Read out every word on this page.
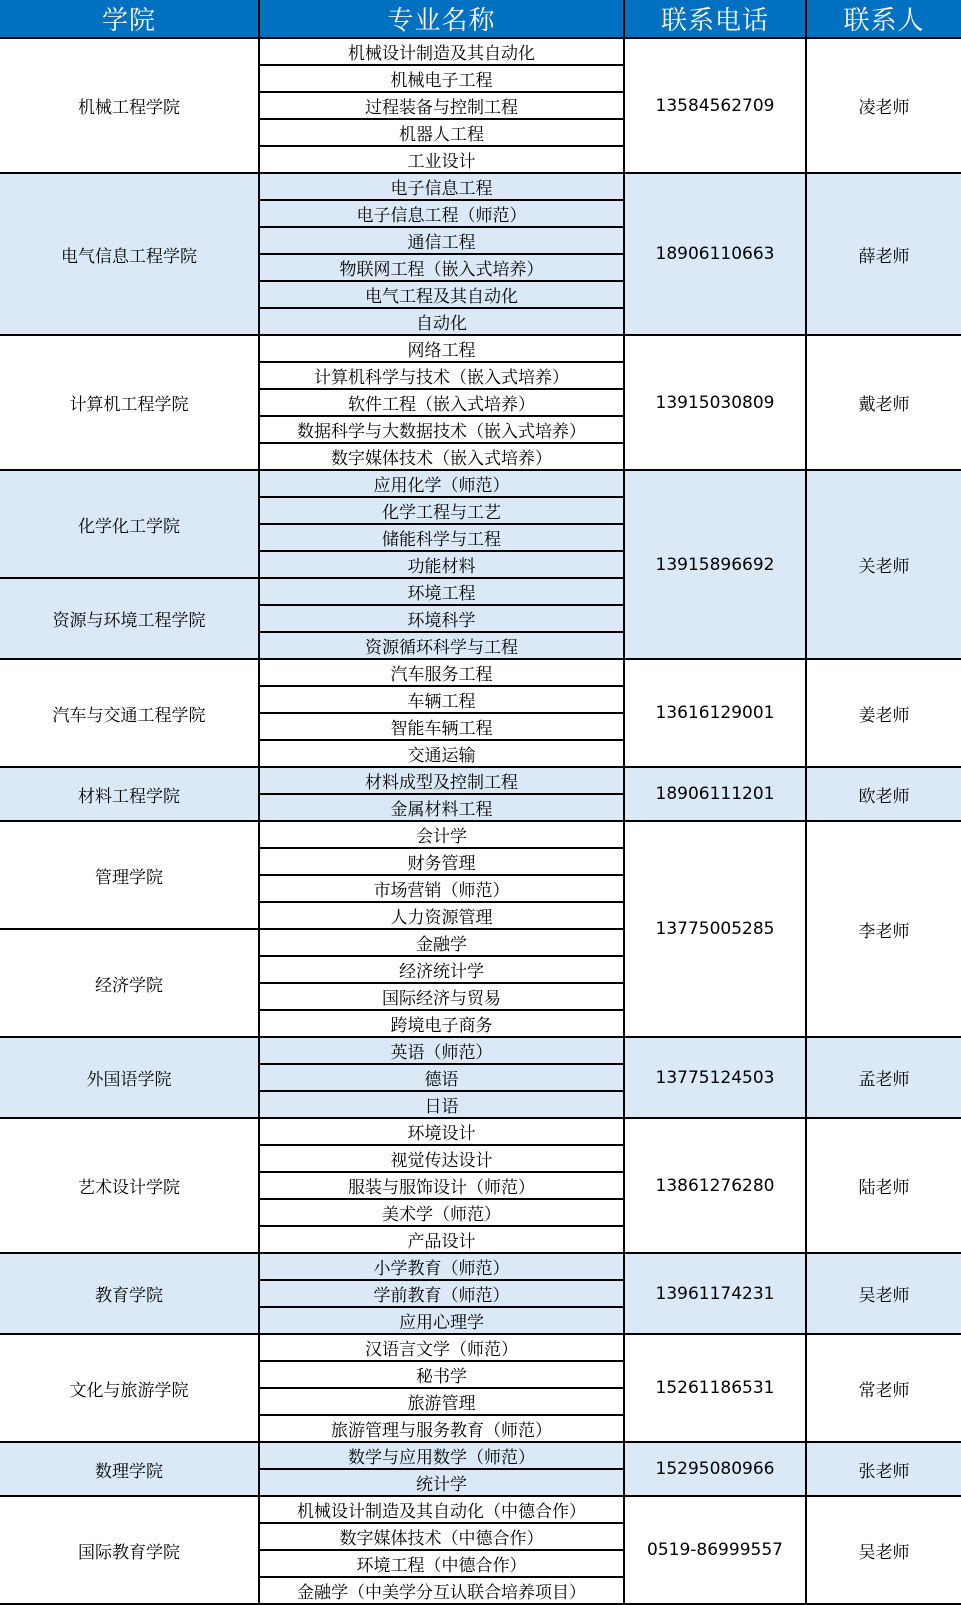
学院	专业名称	联系电话	联系人
机械工程学院	机械设计制造及其自动化	13584562709	凌老师
	机械电子工程		
	过程装备与控制工程		
	机器人工程		
	工业设计		
电气信息工程学院	电子信息工程	18906110663	薛老师
	电子信息工程（师范）		
	通信工程		
	物联网工程（嵌入式培养）		
	电气工程及其自动化		
	自动化		
计算机工程学院	网络工程	13915030809	戴老师
	计算机科学与技术（嵌入式培养）		
	软件工程（嵌入式培养）		
	数据科学与大数据技术（嵌入式培养）		
	数字媒体技术（嵌入式培养）		
化学化工学院	应用化学（师范）	13915896692	关老师
	化学工程与工艺		
	储能科学与工程		
	功能材料		
资源与环境工程学院	环境工程		
	环境科学		
	资源循环科学与工程		
汽车与交通工程学院	汽车服务工程	13616129001	姜老师
	车辆工程		
	智能车辆工程		
	交通运输		
材料工程学院	材料成型及控制工程	18906111201	欧老师
	金属材料工程		
管理学院	会计学	13775005285	李老师
	财务管理		
	市场营销（师范）		
	人力资源管理		
经济学院	金融学		
	经济统计学		
	国际经济与贸易		
	跨境电子商务		
外国语学院	英语（师范）	13775124503	孟老师
	德语		
	日语		
艺术设计学院	环境设计	13861276280	陆老师
	视觉传达设计		
	服装与服饰设计（师范）		
	美术学（师范）		
	产品设计		
教育学院	小学教育（师范）	13961174231	吴老师
	学前教育（师范）		
	应用心理学		
文化与旅游学院	汉语言文学（师范）	15261186531	常老师
	秘书学		
	旅游管理		
	旅游管理与服务教育（师范）		
数理学院	数学与应用数学（师范）	15295080966	张老师
	统计学		
国际教育学院	机械设计制造及其自动化（中德合作）	0519-86999557	吴老师
	数字媒体技术（中德合作）		
	环境工程（中德合作）		
	金融学（中美学分互认联合培养项目）		
